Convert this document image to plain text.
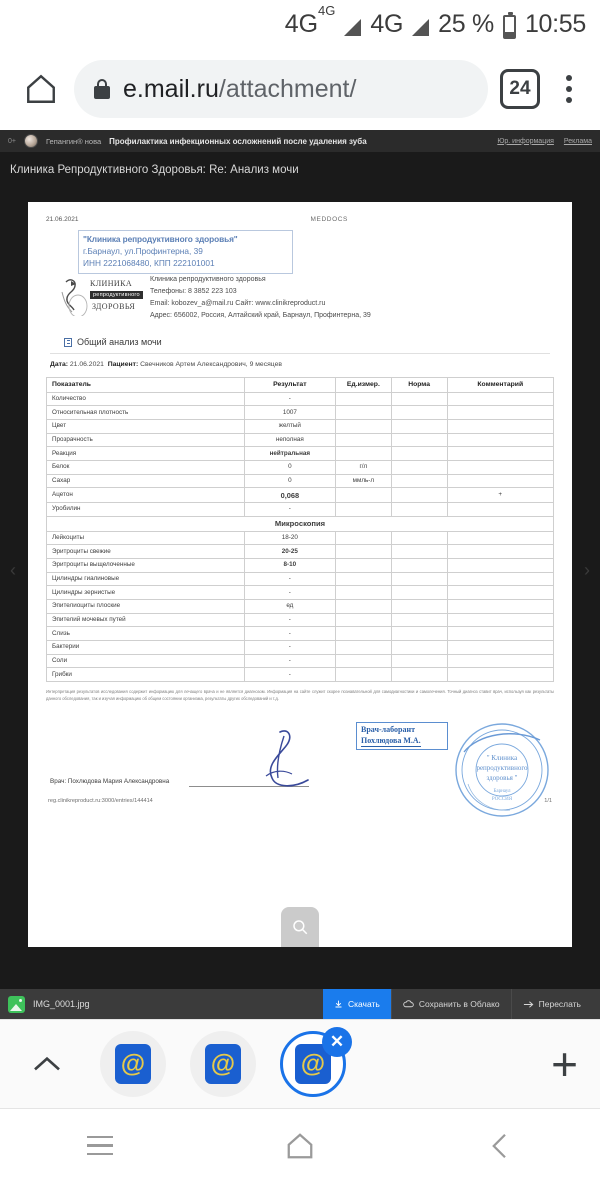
$4G^{4G}$ 4G 25 % 10:55
e.mail.ru/attachment/	24
0+	Гепангин® нова Профилактика инфекционных осложнений после удаления зуба	Юр. информация Реклама
Клиника Репродуктивного Здоровья: Re: Анализ мочи
‹	›
21.06.2021	MEDDOCS
"Клиника репродуктивного здоровья"
г.Барнаул, ул.Профинтерна, 39
ИНН 2221068480, КПП 222101001
КЛИНИКА
репродуктивного
ЗДОРОВЬЯ
Клиника репродуктивного здоровья
Телефоны: 8 3852 223 103
Email: kobozev_a@mail.ru Сайт: www.clinikreproduct.ru
Адрес: 656002, Россия, Алтайский край, Барнаул, Профинтерна, 39
Общий анализ мочи
Дата: 21.06.2021 Пациент: Свечников Артем Александрович, 9 месяцев
Показатель	Результат	Ед.измер.	Норма	Комментарий
Количество	-			
Относительная плотность	1007			
Цвет	желтый			
Прозрачность	неполная			
Реакция	нейтральная			
Белок	0	г/л		
Сахар	0	ммль-л		
Ацетон	0,068			+
Уробилин	-			
Микроскопия				
Лейкоциты	18-20			
Эритроциты свежие	20-25			
Эритроциты выщелоченные	8-10			
Цилиндры гиалиновые	-			
Цилиндры зернистые	-			
Эпителиоциты плоские	ед			
Эпителий мочевых путей	-			
Слизь	-			
Бактерии	-			
Соли	-			
Грибки	-			
Интерпретация результатов исследования содержит информацию для лечащего врача и не является диагнозом. Информация на сайте служит скорее познавательной для самодиагностики и самолечения. Точный диагноз ставит врач, используя как результаты данного обследования, так и изучая информацию об общем состоянии организма, результаты других обследований и т.д.
Врач: Похлюдова Мария Александровна
Врач-лаборант
Похлюдова М.А.
" Клиника
репродуктивного
здоровья "
Барнаул
РОССИЯ
reg.clinikreproduct.ru:3000/entries/144414	1/1
IMG_0001.jpg	Скачать	Сохранить в Облако	Переслать
@	@	@
✕	+
